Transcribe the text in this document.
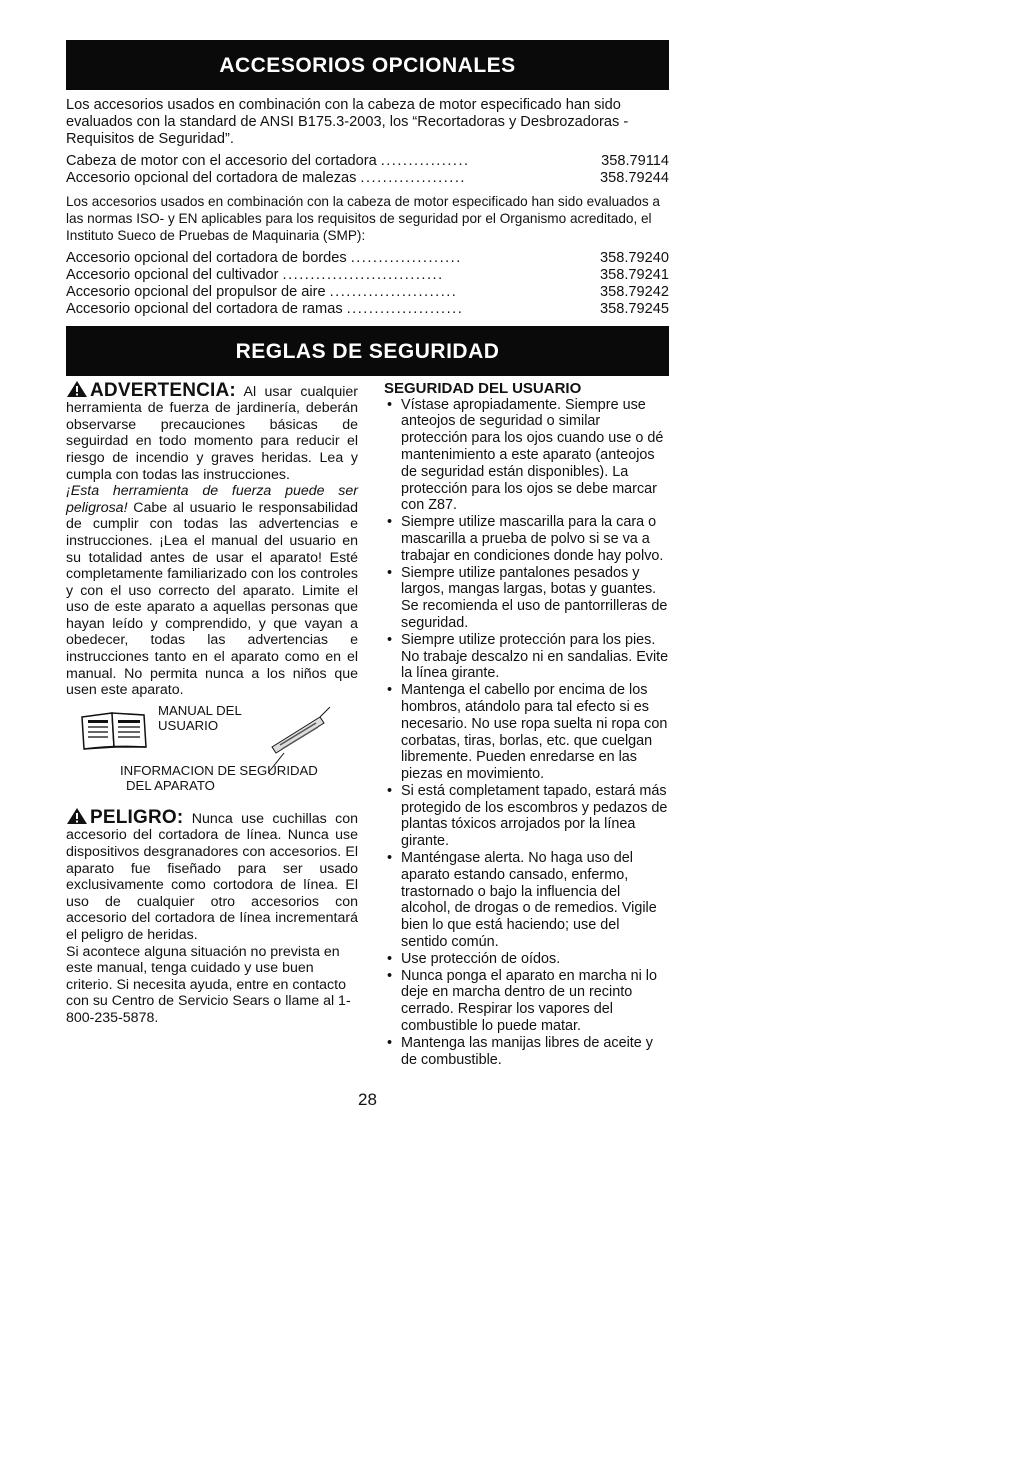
ACCESORIOS OPCIONALES

Los accesorios usados en combinación con la cabeza de motor especificado han sido evaluados con la standard de ANSI B175.3-2003, los “Recortadoras y Desbrozadoras - Requisitos de Seguridad”.

Cabeza de motor con el accesorio del cortadora ................	358.79114
Accesorio opcional del cortadora de malezas ...................	358.79244

Los accesorios usados en combinación con la cabeza de motor especificado han sido evaluados a las normas ISO- y EN aplicables para los requisitos de seguridad por el Organismo acreditado, el Instituto Sueco de Pruebas de Maquinaria (SMP):

Accesorio opcional del cortadora de bordes ....................	358.79240
Accesorio opcional del cultivador .............................	358.79241
Accesorio opcional del propulsor de aire .......................	358.79242
Accesorio opcional del cortadora de ramas .....................	358.79245
REGLAS DE SEGURIDAD
ADVERTENCIA: Al usar cualquier herramienta de fuerza de jardinería, deberán observarse precauciones básicas de seguirdad en todo momento para reducir el riesgo de incendio y graves heridas. Lea y cumpla con todas las instrucciones.
¡Esta herramienta de fuerza puede ser peligrosa! Cabe al usuario le responsabilidad de cumplir con todas las advertencias e instrucciones. ¡Lea el manual del usuario en su totalidad antes de usar el aparato! Esté completamente familiarizado con los controles y con el uso correcto del aparato. Limite el uso de este aparato a aquellas personas que hayan leído y comprendido, y que vayan a obedecer, todas las advertencias e instrucciones tanto en el aparato como en el manual. No permita nunca a los niños que usen este aparato.
MANUAL DEL
USUARIO
INFORMACION DE SEGURIDAD
DEL APARATO
PELIGRO: Nunca use cuchillas con accesorio del cortadora de línea. Nunca use dispositivos desgranadores con accesorios. El aparato fue fiseñado para ser usado exclusivamente como cortodora de línea. El uso de cualquier otro accesorios con accesorio del cortadora de línea incrementará el peligro de heridas.
Si acontece alguna situación no prevista en este manual, tenga cuidado y use buen criterio. Si necesita ayuda, entre en contacto con su Centro de Servicio Sears o llame al 1-800-235-5878.
SEGURIDAD DEL USUARIO
• Vístase apropiadamente. Siempre use anteojos de seguridad o similar protección para los ojos cuando use o dé mantenimiento a este aparato (anteojos de seguridad están disponibles). La protección para los ojos se debe marcar con Z87.
• Siempre utilize mascarilla para la cara o mascarilla a prueba de polvo si se va a trabajar en condiciones donde hay polvo.
• Siempre utilize pantalones pesados y largos, mangas largas, botas y guantes. Se recomienda el uso de pantorrilleras de seguridad.
• Siempre utilize protección para los pies. No trabaje descalzo ni en sandalias. Evite la línea girante.
• Mantenga el cabello por encima de los hombros, atándolo para tal efecto si es necesario. No use ropa suelta ni ropa con corbatas, tiras, borlas, etc. que cuelgan libremente. Pueden enredarse en las piezas en movimiento.
• Si está completament tapado, estará más protegido de los escombros y pedazos de plantas tóxicos arrojados por la línea girante.
• Manténgase alerta. No haga uso del aparato estando cansado, enfermo, trastornado o bajo la influencia del alcohol, de drogas o de remedios. Vigile bien lo que está haciendo; use del sentido común.
• Use protección de oídos.
• Nunca ponga el aparato en marcha ni lo deje en marcha dentro de un recinto cerrado. Respirar los vapores del combustible lo puede matar.
• Mantenga las manijas libres de aceite y de combustible.
28
